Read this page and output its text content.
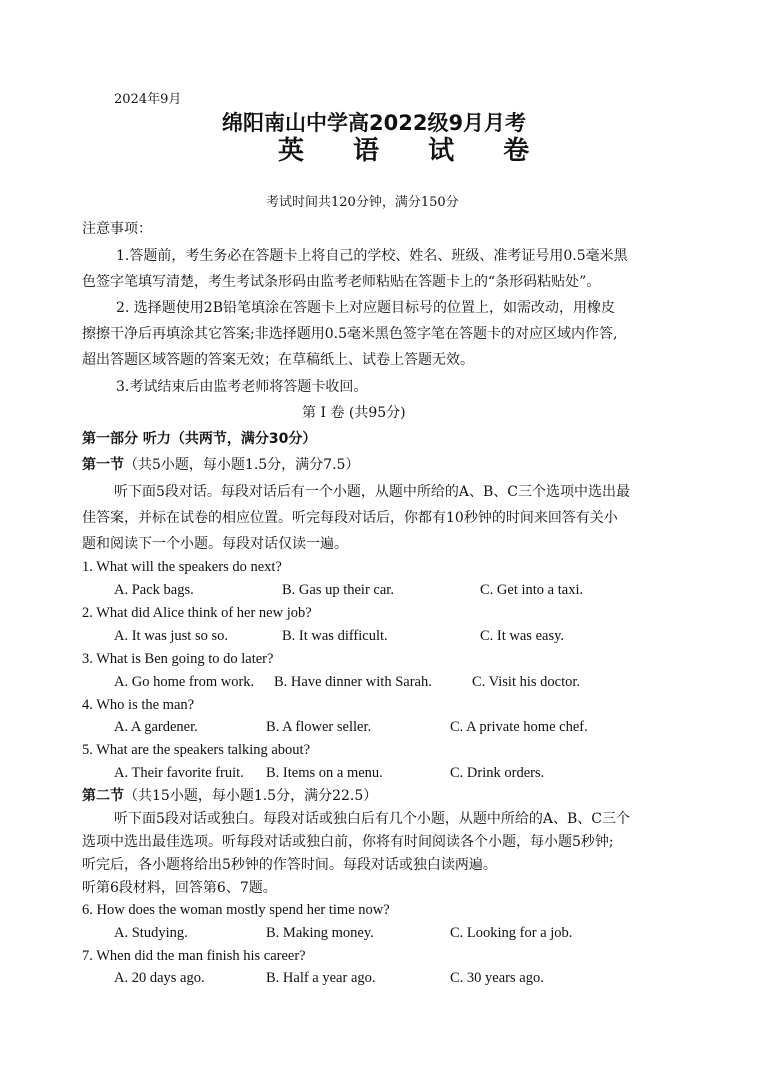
2024年9月
绵阳南山中学高2022级9月月考
英 语 试 卷
考试时间共120分钟，满分150分
注意事项：
1.答题前，考生务必在答题卡上将自己的学校、姓名、班级、准考证号用0.5毫米黑
色签字笔填写清楚，考生考试条形码由监考老师粘贴在答题卡上的“条形码粘贴处”。
2. 选择题使用2B铅笔填涂在答题卡上对应题目标号的位置上，如需改动，用橡皮
擦擦干净后再填涂其它答案;非选择题用0.5毫米黑色签字笔在答题卡的对应区域内作答,
超出答题区域答题的答案无效；在草稿纸上、试卷上答题无效。
3.考试结束后由监考老师将答题卡收回。
第 I 卷 (共95分)
第一部分 听力（共两节，满分30分）
第一节（共5小题，每小题1.5分，满分7.5）
听下面5段对话。每段对话后有一个小题，从题中所给的A、B、C三个选项中选出最
佳答案，并标在试卷的相应位置。听完每段对话后，你都有10秒钟的时间来回答有关小
题和阅读下一个小题。每段对话仅读一遍。
1. What will the speakers do next?
A. Pack bags.	B. Gas up their car.	C. Get into a taxi.
2. What did Alice think of her new job?
A. It was just so so.	B. It was difficult.	C. It was easy.
3. What is Ben going to do later?
A. Go home from work. B. Have dinner with Sarah.	C. Visit his doctor.
4. Who is the man?
A. A gardener.	B. A flower seller.	C. A private home chef.
5. What are the speakers talking about?
A. Their favorite fruit. B. Items on a menu.	C. Drink orders.
第二节（共15小题，每小题1.5分，满分22.5）
听下面5段对话或独白。每段对话或独白后有几个小题，从题中所给的A、B、C三个
选项中选出最佳选项。听每段对话或独白前，你将有时间阅读各个小题，每小题5秒钟;
听完后，各小题将给出5秒钟的作答时间。每段对话或独白读两遍。
听第6段材料，回答第6、7题。
6. How does the woman mostly spend her time now?
A. Studying.	B. Making money.	C. Looking for a job.
7. When did the man finish his career?
A. 20 days ago.	B. Half a year ago.	C. 30 years ago.
